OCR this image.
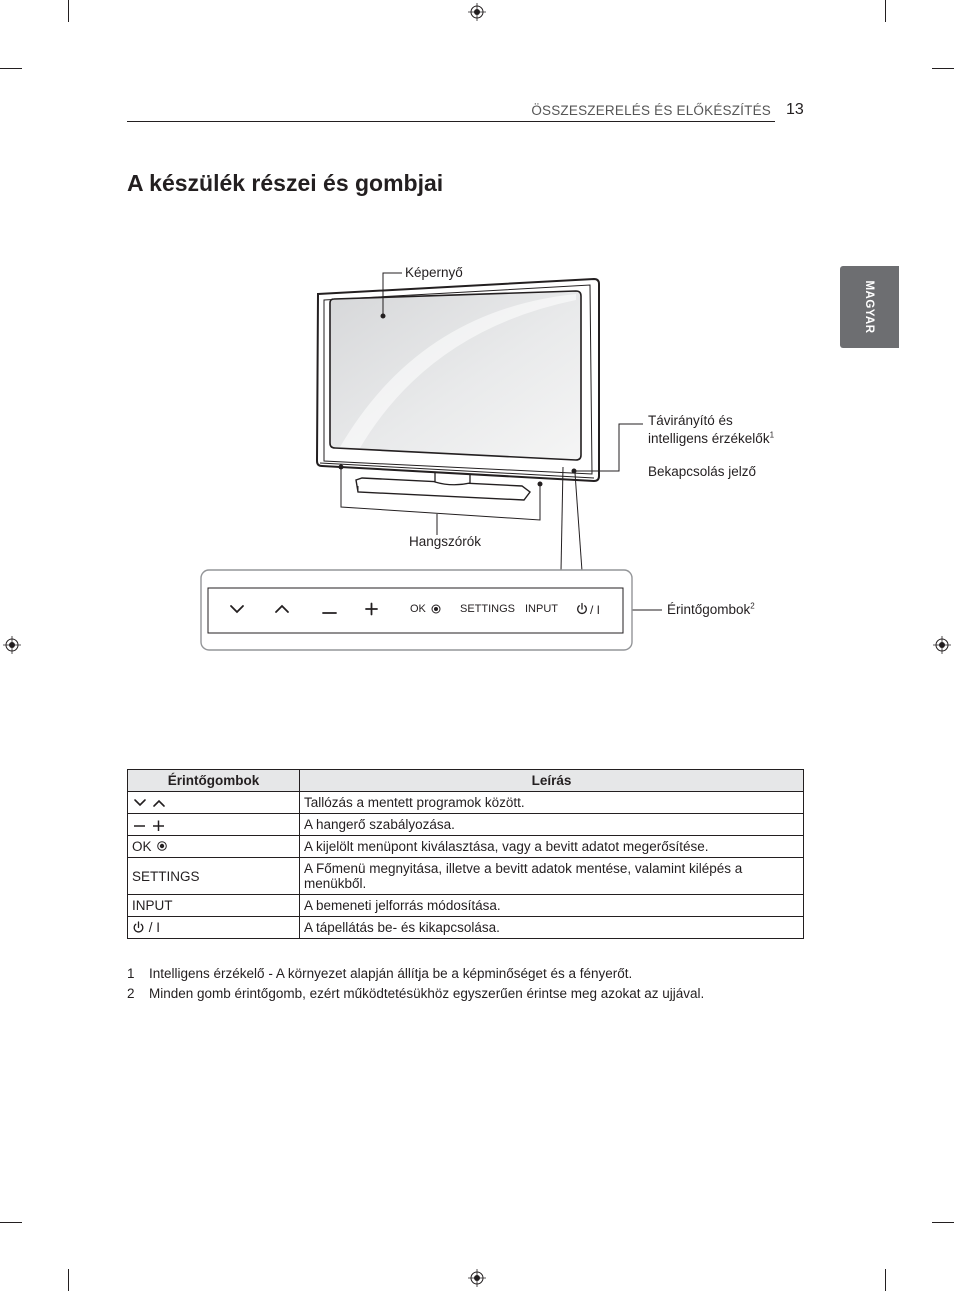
ÖSSZESZERELÉS ÉS ELŐKÉSZÍTÉS 13
A készülék részei és gombjai
MAGYAR
Képernyő
Távirányító és
intelligens érzékelők$^1$
Bekapcsolás jelző
Hangszórók
Érintőgombok$^2$
OK	SETTINGS INPUT	/ I
Érintőgombok	Leírás
	Tallózás a mentett programok között.
	A hangerő szabályozása.
OK	A kijelölt menüpont kiválasztása, vagy a bevitt adatot megerősítése.
SETTINGS	A Főmenü megnyitása, illetve a bevitt adatok mentése, valamint kilépés a menükből.
INPUT	A bemeneti jelforrás módosítása.
/ I	A tápellátás be- és kikapcsolása.
1 Intelligens érzékelő - A környezet alapján állítja be a képminőséget és a fényerőt.
2 Minden gomb érintőgomb, ezért működtetésükhöz egyszerűen érintse meg azokat az ujjával.
